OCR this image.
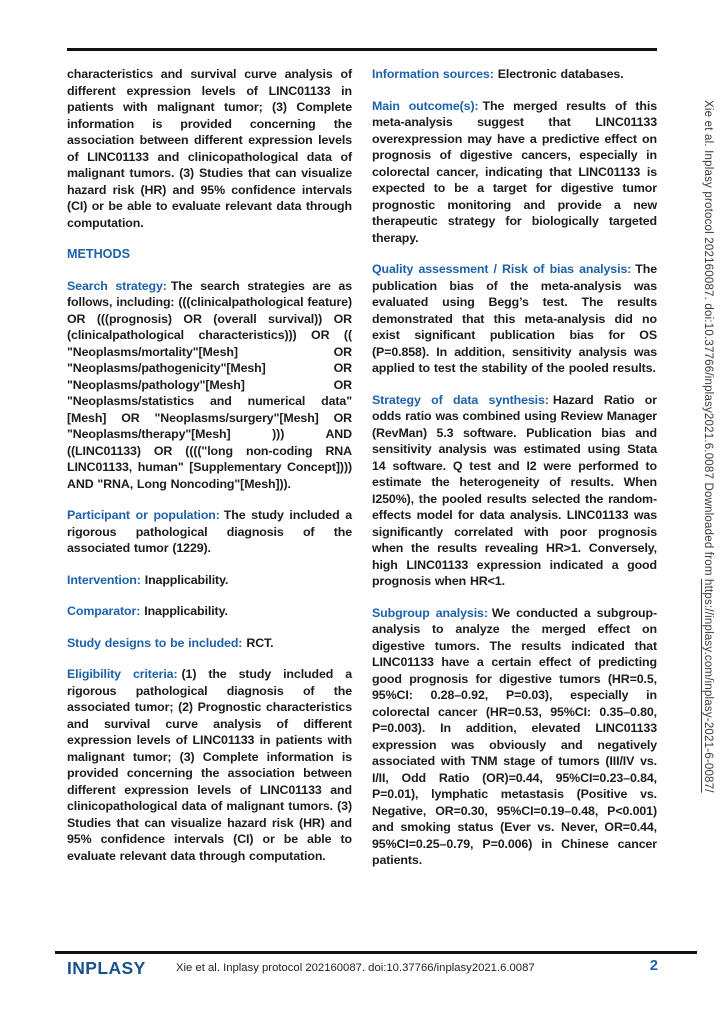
characteristics and survival curve analysis of different expression levels of LINC01133 in patients with malignant tumor; (3) Complete information is provided concerning the association between different expression levels of LINC01133 and clinicopathological data of malignant tumors. (3) Studies that can visualize hazard risk (HR) and 95% confidence intervals (CI) or be able to evaluate relevant data through computation.

METHODS

Search strategy: The search strategies are as follows, including: (((clinicalpathological feature) OR (((prognosis) OR (overall survival)) OR (clinicalpathological characteristics))) OR (( "Neoplasms/mortality"[Mesh] OR "Neoplasms/pathogenicity"[Mesh] OR "Neoplasms/pathology"[Mesh] OR "Neoplasms/statistics and numerical data"[Mesh] OR "Neoplasms/surgery"[Mesh] OR "Neoplasms/therapy"[Mesh] ))) AND ((LINC01133) OR (((("long non-coding RNA LINC01133, human" [Supplementary Concept]))) AND "RNA, Long Noncoding"[Mesh])).

Participant or population: The study included a rigorous pathological diagnosis of the associated tumor (1229).

Intervention: Inapplicability.

Comparator: Inapplicability.

Study designs to be included: RCT.

Eligibility criteria: (1) the study included a rigorous pathological diagnosis of the associated tumor; (2) Prognostic characteristics and survival curve analysis of different expression levels of LINC01133 in patients with malignant tumor; (3) Complete information is provided concerning the association between different expression levels of LINC01133 and clinicopathological data of malignant tumors. (3) Studies that can visualize hazard risk (HR) and 95% confidence intervals (CI) or be able to evaluate relevant data through computation.

Information sources: Electronic databases.

Main outcome(s): The merged results of this meta-analysis suggest that LINC01133 overexpression may have a predictive effect on prognosis of digestive cancers, especially in colorectal cancer, indicating that LINC01133 is expected to be a target for digestive tumor prognostic monitoring and provide a new therapeutic strategy for biologically targeted therapy.

Quality assessment / Risk of bias analysis: The publication bias of the meta-analysis was evaluated using Begg’s test. The results demonstrated that this meta-analysis did no exist significant publication bias for OS (P=0.858). In addition, sensitivity analysis was applied to test the stability of the pooled results.

Strategy of data synthesis: Hazard Ratio or odds ratio was combined using Review Manager (RevMan) 5.3 software. Publication bias and sensitivity analysis was estimated using Stata 14 software. Q test and I2 were performed to estimate the heterogeneity of results. When I250%), the pooled results selected the random-effects model for data analysis. LINC01133 was significantly correlated with poor prognosis when the results revealing HR>1. Conversely, high LINC01133 expression indicated a good prognosis when HR<1.

Subgroup analysis: We conducted a subgroup-analysis to analyze the merged effect on digestive tumors. The results indicated that LINC01133 have a certain effect of predicting good prognosis for digestive tumors (HR=0.5, 95%CI: 0.28–0.92, P=0.03), especially in colorectal cancer (HR=0.53, 95%CI: 0.35–0.80, P=0.003). In addition, elevated LINC01133 expression was obviously and negatively associated with TNM stage of tumors (III/IV vs. I/II, Odd Ratio (OR)=0.44, 95%CI=0.23–0.84, P=0.01), lymphatic metastasis (Positive vs. Negative, OR=0.30, 95%CI=0.19–0.48, P<0.001) and smoking status (Ever vs. Never, OR=0.44, 95%CI=0.25–0.79, P=0.006) in Chinese cancer patients.

Xie et al. Inplasy protocol 202160087. doi:10.37766/inplasy2021.6.0087 Downloaded from https://inplasy.com/inplasy-2021-6-0087/
INPLASY	Xie et al. Inplasy protocol 202160087. doi:10.37766/inplasy2021.6.0087	2
